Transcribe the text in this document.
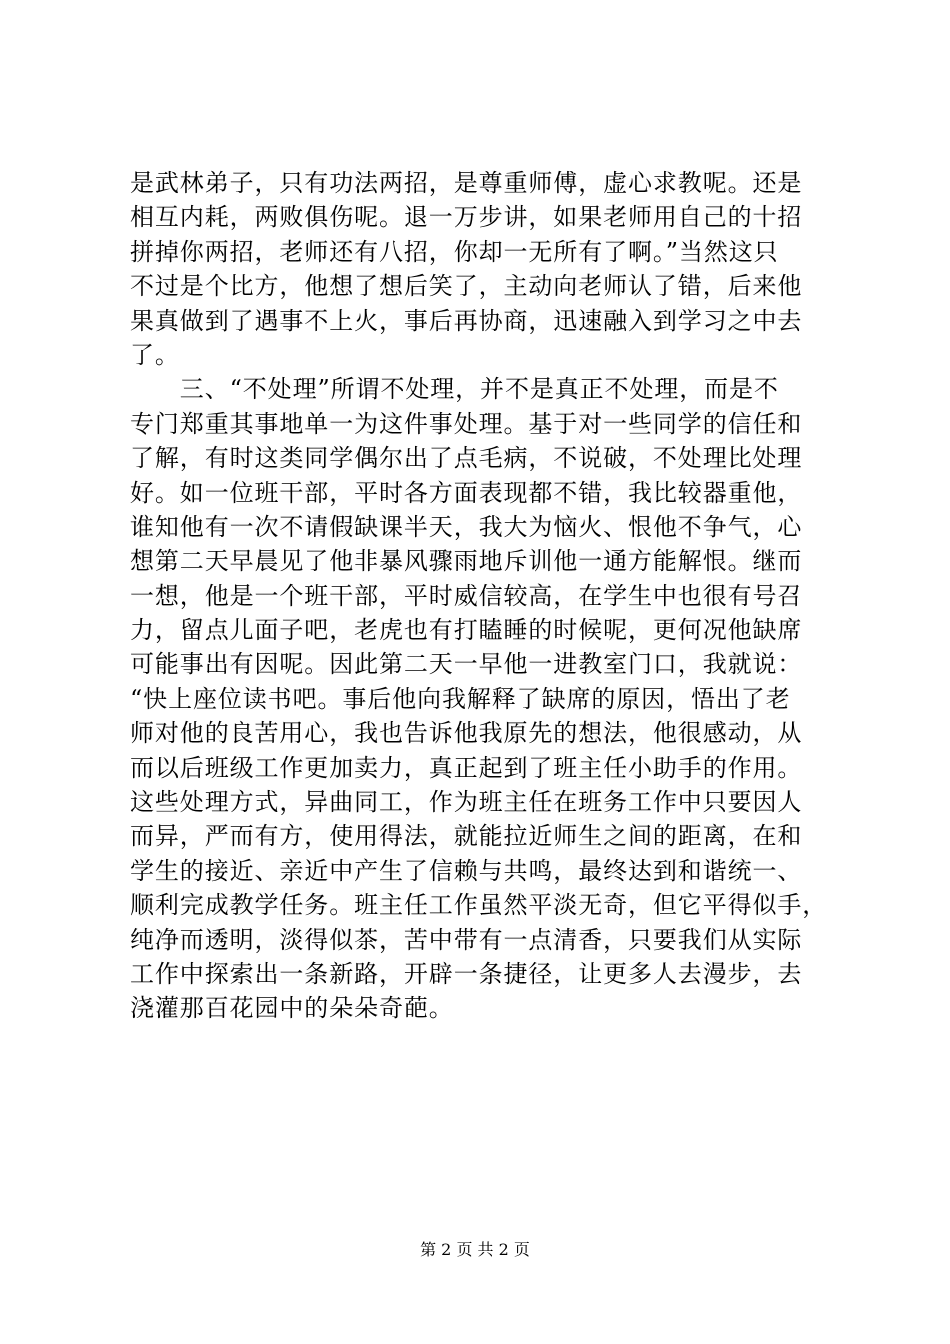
是武林弟子，只有功法两招，是尊重师傅，虚心求教呢。还是
相互内耗，两败俱伤呢。退一万步讲，如果老师用自己的十招
拼掉你两招，老师还有八招，你却一无所有了啊。”当然这只
不过是个比方，他想了想后笑了，主动向老师认了错，后来他
果真做到了遇事不上火，事后再协商，迅速融入到学习之中去
了。
　　三、“不处理”所谓不处理，并不是真正不处理，而是不
专门郑重其事地单一为这件事处理。基于对一些同学的信任和
了解，有时这类同学偶尔出了点毛病，不说破，不处理比处理
好。如一位班干部，平时各方面表现都不错，我比较器重他，
谁知他有一次不请假缺课半天，我大为恼火、恨他不争气，心
想第二天早晨见了他非暴风骤雨地斥训他一通方能解恨。继而
一想，他是一个班干部，平时威信较高，在学生中也很有号召
力，留点儿面子吧，老虎也有打瞌睡的时候呢，更何况他缺席
可能事出有因呢。因此第二天一早他一进教室门口，我就说：
“快上座位读书吧。事后他向我解释了缺席的原因，悟出了老
师对他的良苦用心，我也告诉他我原先的想法，他很感动，从
而以后班级工作更加卖力，真正起到了班主任小助手的作用。
这些处理方式，异曲同工，作为班主任在班务工作中只要因人
而异，严而有方，使用得法，就能拉近师生之间的距离，在和
学生的接近、亲近中产生了信赖与共鸣，最终达到和谐统一、
顺利完成教学任务。班主任工作虽然平淡无奇，但它平得似手，
纯净而透明，淡得似茶，苦中带有一点清香，只要我们从实际
工作中探索出一条新路，开辟一条捷径，让更多人去漫步，去
浇灌那百花园中的朵朵奇葩。
第 2 页 共 2 页
